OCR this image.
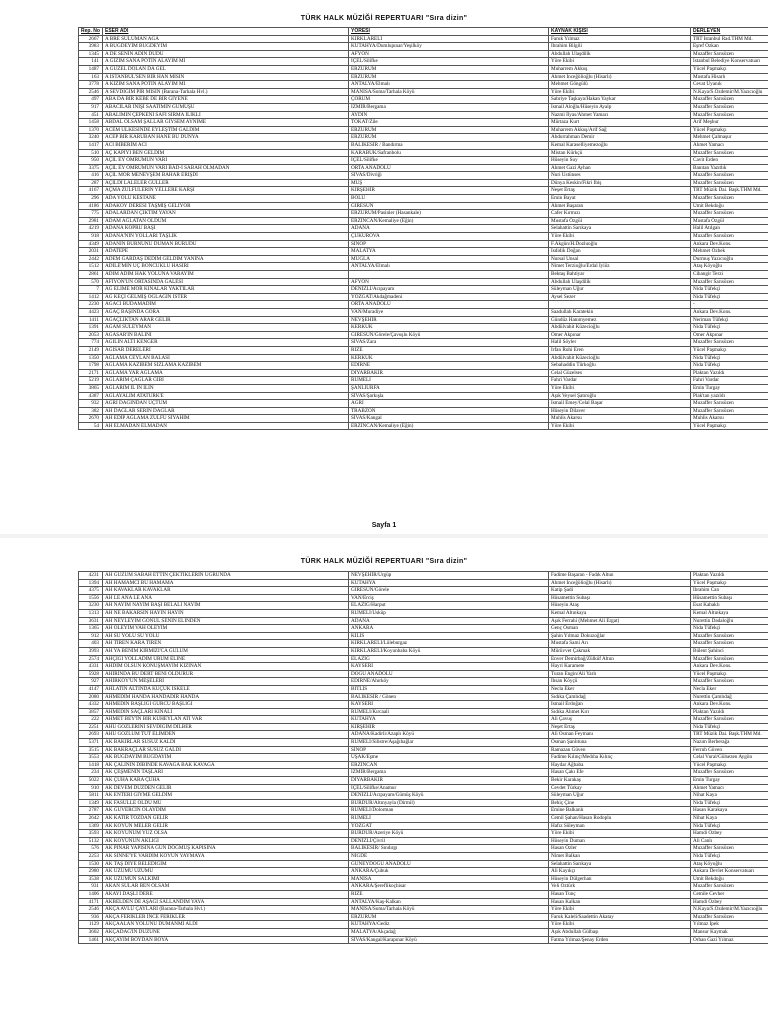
TÜRK HALK MÜZİĞİ REPERTUARI "Sıra dizin"
Rep. No	ESER ADI	YÖRESİ	KAYNAK KİŞİSİ	DERLEYEN
2667	A BRE SÜLÜMAN AĞA	KIRKLARELİ	Faruk Yılmaz	TRT İstanbul Rad.THM Md.
3983	A BUĞDEYİM BUĞDEYİM	KÜTAHYA/Dumlupınar/Yeşilköy	İbrahim Bilgili	Eşref Özkan
1345	A DE SENİN ADIN DUDU	AFYON	Abdullah Ulaşdilik	Muzaffer Sarısözen
141	A GIZIM SANA POTİN ALAYIM MI	İÇEL/Silifke	Yöre Ekibi	İstanbul Belediye Konservatuarı
1487	A GÜZEL DOLAN DA GEL	ERZURUM	Muharrem Akkuş	Yücel Paşmakçı
163	A İSTANBUL'SEN BİR HAN MISIN	ERZURUM	Ahmet İnceğölioğlu (Hisarlı)	Mustafa Hisarlı
3778	A KIZIM SANA POTİN ALAYIM MI	ANTALYA/Elmalı	Mehmet Göngülü	Cevat Uyanık
2546	A SEVDİĞİM PİR MISIN (Barana-Tarhala Hvl.)	MANİSA/Soma/Tarhala Köyü	Yöre Ekibi	N.Kaya/S.Özdemir/M.Yazıcıoğlu
497	ABA DA BİR KEBE DE BİR GİYENE	ÇORUM	Sabriye Taşkaya/Hakan Yaykar	Muzaffer Sarısözen
917	ABACILAR İNİŞİ SAATİMİN GÜMÜŞÜ	İZMİR/Bergama	İsmail Aloğlu/Hüseyin Ayalp	Muzaffer Sarısözen
451	ABALIMIN ÇEPKENİ SAFİ SIRMA İLİKLİ	AYDIN	Nazmi İlyas/Ahmet Yamacı	Muzaffer Sarısözen
1458	ABDAL OLSAM ŞALLAR GİYSEM AYNIME	TOKAT/Zile	Mürtaza Kurt	Arif Meşhur
1370	ACEM ÜLKESİNDE EYLEŞTİM GALDIM	ERZURUM	Muharrem Akkuş/Arif Sağ	Yücel Paşmakçı
3240	ACEP BİR KARUBAN HANE BU DÜNYA	ERZURUM	Abdurrahman Demir	Mehmet Çalmaşur
1417	ACI BİBERİM ACI	BALIKESİR / Bandırma	Kemal Karaselliyemezoğlu	Ahmet Yamacı
510	AÇ KAPIYI BEN GELDİM	KARABÜK/Safranbolu	Mistan Kürkçü	Muzaffer Sarısözen
950	AÇIL EY ÖMRÜMÜN VARI	İÇEL/Silifke	Hüseyin Suy	Cavit Erden
3375	AÇIL EY ÖMRÜMÜN VARI BAD-I SABAH OLMADAN	ORTA ANADOLU	Ahmet Gazi Ayhan	Banıtan Yazıtlık
416	AÇIL MOR MENEVŞEM BAHAR ERİŞDİ	SİVAS/Divriği	Nuri Üstünses	Muzaffer Sarısözen
287	AÇILDI LALELER GÜLLER	MUŞ	Dünya Keskin/Fikri İbiş	Muzaffer Sarısözen
4167	AÇMA ZÜLFÜLERİN YELLERE KARŞI	KIRŞEHİR	Neşet Ertaş	TRT Müzik Dai. Başk.THM Md.
296	ADA YOLU KESTANE	BOLU	Emin Bayat	Muzaffer Sarısözen
4186	ADAKOY DERESİ TAŞMIŞ GELİYOR	GİRESUN	Ahmet Başaran	Ümit Bekdoğu
775	ADALARDAN ÇIKTIM YAYAN	ERZURUM/Pasinler (Hasankale)	Cafer Kırmızı	Muzaffer Sarısözen
2981	ADAM AĞLATAN OLDUM	ERZİNCAN/Kemaliye (Eğin)	Mustafa Özgül	Mustafa Özgül
4219	ADANA KÖPRÜ BAŞI	ADANA	Selahattin Sarıkaya	Halil Atılgan
918	ADANA'NIN YOLLARI TAŞLIK	ÇUKUROVA	Yöre Ekibi	Muzaffer Sarısözen
4349	ADANIN BURNUNU DUMAN BÜRÜDÜ	SİNOP	F.Akgün/H.Dozluoğlu	Ankara Dev.Kons.
2031	ADATEPE	MALATYA	İsdidik Doğan	Mehmet Özbek
2442	ADEM GARDAŞ DEDİM GELDİM YANINA	MUĞLA	Nursal Ünsal	Durmuş Yazıcıoğlu
1512	ADİLE'MİN ÜÇ BONCUKLU HASIRI	ANTALYA/Elmalı	Nimet Terzioğlu/Erdal İyiöz	Ataş Köyoğlu
2861	ADIM ADIM HAK YOLUNA VARAYIM		Bektaş Bahtiyar	Cihangir Terzi
570	AFİYON'UN ORTASINDA GALESİ	AFYON	Abdullah Ulaşdilik	Muzaffer Sarısözen
7	AĞ ELİME MOR KINALAR YAKTILAR	DENİZLİ/Acıpayam	Süleyman Uğur	Nida Tüfekçi
1412	AĞ KEÇİ GELMİŞ OĞLAĞIN İSTER	YOZGAT/Akdağmadeni	Aysel Sezer	Nida Tüfekçi
2230	AĞACI BUDAMADIM	ORTA ANADOLU		-
4423	AĞAÇ BAŞINDA GORA	VAN/Muradiye	Saadullah Karatekin	Ankara Dev.Kons.
1411	AĞAÇLIKTAN ARAR GELİR	NEVŞEHİR	Gündüz Hanımyemez	Neriman Tüfekçi
1391	AĞAM SÜLEYMAN	KERKÜK	Abdülvahit Küzecioğlu	Nida Tüfekçi
2053	AĞASAR'IN BALINI	GİRESUN/Görele/Çavuşlu Köyü	Ömer Akpınar	Ömer Akpınar
774	AĞILIN ALTI KENGER	SİVAS/Zara	Halil Söyler	Muzaffer Sarısözen
2149	AĞISAR DERELERİ	RİZE	İrfan Ruhi Eren	Yücel Paşmakçı
1350	AĞLAMA CEYLAN BALASI	KERKÜK	Abdülvahit Küzecioğlu	Nida Tüfekçi
1798	AĞLAMA KAZİBEM SIZLAMA KAZİBEM	EDİRNE	Sebahaddin Türkoğlu	Nida Tüfekçi
2171	AĞLAMA YAR AĞLAMA	DİYARBAKIR	Celal Güzelses	Plaktan Yazıldı
5219	AĞLARIM ÇAĞLAR GİBİ	RUMELİ	Fahri Vardar	Fahri Vardar
3865	AĞLARIM İL İN İLİN	ŞANLIURFA	Yöre Ekibi	Emin Turgay
4387	AĞLAYALIM ATATÜRK'E	SİVAS/Şarkışla	Aşık Veysel Şatıroğlu	Plak'tan yazıldı
932	AĞRI DAĞINDAN UÇTUM	AĞRI	İsmail Emey/Celal Başar	Muzaffer Sarısözen
382	AH DAĞLAR SERİN DAĞLAR	TRABZON	Hüseyin Dilaver	Muzaffer Sarısözen
2670	AH EDİP AĞLAMA ZÜLFÜ SİYAHIM	SİVAS/Kangal	Muhlis Akarsu	Muhlis Akarsu
54	AH ELMADAN ELMADAN	ERZİNCAN/Kemaliye (Eğin)	Yöre Ekibi	Yücel Paşmakçı
Sayfa 1
TÜRK HALK MÜZİĞİ REPERTUARI "Sıra dizin"
4231	AH GÜZÜM SABAH ETTİN ÇEKTİKLERİN UĞRUNDA	NEVŞEHİR/Ürgüp	Fadime Başaran - Fadık Altun	Plaktan Yazıldı
1394	AH HAMAMCI BU HAMAMA	KÜTAHYA	Ahmet İnceğölioğlu (Hisarlı)	Yücel Paşmakçı
4375	AH KAVAKLAR KAVAKLAR	GİRESUN/Görele	Katip Şadi	İbrahim Can
1556	AH LE ANA LE ANA	VAN/Erciş	Hüsamettin Subaşı	Hüsamettin Subaşı
3230	AH NAYİM NAYİM BAŞI BELALI NAYİM	ELAZIĞ/Harput	Hüseyin Ataş	Esat Kabaklı
1313	AH NE BAKARSIN HAYIN HAYIN	RUMELİ/Üsküp	Kemal Altınkaya	Kemal Altınkaya
3631	AH NEYLEYİM GÖNÜL SENİN ELİNDEN	ADANA	Aşık Ferrahi (Mehmet Ali Ergat)	Nurettin Dadaloğlu
1365	AH OLEYİM VAH OLEYİM	ANKARA	Genç Osman	Nida Tüfekçi
912	AH SU YOLU SU YOLU	KİLİS	Şahin Yılmaz Dokuzoğlar	Muzaffer Sarısözen
403	AH TİREN KARA TİREN	KIRKLARELİ/Lüleburgaz	Mustafa Sami Arı	Muzaffer Sarısözen
3993	AH YA BENİM KIRMIZI'CA GÜLÜM	KIRKLARELİ/Koyunbaba Köyü	Mürüvvet Çakmak	Bülent Şahinci
2574	AHÇIĞI YOLLADIM URUM ELİNE	ELAZIĞ	Enver Demirbağ/Zülküf Altun	Muzaffer Sarısözen
4331	AHDİM OLSUN KONUŞMAYIM KIZINAN	KAYSERİ	Hayri Karamete	Ankara Dev.Kons.
5928	AHİRİNDA BU DERT BENİ ÖLDÜRÜR	DOĞU ANADOLU	Turan Engin/Ali Yarlı	Yücel Paşmakçı
927	AHIRKÖY'ÜN MEŞELERİ	EDİRNE/Ahırköy	İhsan Köyçü	Muzaffer Sarısözen
4147	AHLATIN ALTINDA KÜÇÜK İSKELE	BİTLİS	Necla Eker	Necla Eker
2080	AHMEDİM HANDA HANDADIR HANDA	BALIKESİR / Gönen	Sıdıka Çamlıdağ	Nurettin Çamlıdağ
4332	AHMEDİN BAŞLIĞI GÜRCÜ BAŞLIĞI	KAYSERİ	İsmail Erdoğan	Ankara Dev.Kons.
3857	AHMEDİN SAÇLARI KINALI	RUMELİ/Kırcaali	Sıdıka Ahmet Kırı	Plaktan Yazıldı
222	AHMET BEY'İN BİR KÜHEYLAN ATI VAR	KÜTAHYA	Ali Çavuş	Muzaffer Sarısözen
2251	AHU GÖZLERİNİ SEVDİĞİM DİLBER	KIRŞEHİR	Neşet Ertaş	Nida Tüfekçi
2693	AHU GÖZLÜM TUT ELİMDEN	ADANA/Kadirli/Azaplı Köyü	Ali Osman Feymanı	TRT Müzik Dai. Başk.THM Md.
5371	AK BAKIRLAR SUSUZ KALDI	RUMELİ/Silistre/Aşağıbağlar	Osman Şanlıtuna	Nazım Berberağa
3515	AK BAKRAÇLAR SUSUZ GALDI	SİNOP	Ramazan Güven	Ferruh Güven
3553	AK BUĞDAYIM BUĞDAYIM	UŞAK/Eşme	Fadime Kılınç/Medıha Kılınç	Celal Vural/Gülsezen Aygün
1418	AK ÇALININ DİBİNDE KAVAĞA BAK KAVAĞA	ERZİNCAN	Haydar Ağbaba	Yücel Paşmakçı
234	AK ÇEŞMENİN TAŞLARI	İZMİR/Bergama	Hasan Çakı Efe	Muzaffer Sarısözen
5022	AK ÇUHA KARA ÇUHA	DİYARBAKIR	Bekir Karakaş	Emin Turgay
910	AK DEVEM DÜZDEN GELİR	İÇEL/Silifke/Anamur	Cevdet Türkay	Ahmet Yamacı
5811	AK ENTERİ GİYME GELDİM	DENİZLİ/Acıpayam/Gümüş Köyü	Süleyman Uğur	Nihat Kaya
1349	AK FASÜLLE OLDU MU	BURDUR/Altınyayla (Dirmil)	Behiç Çine	Nida Tüfekçi
2787	AK GÜVERCİN OLAYDIM	RUMELİ/Dolorman	Emine Balkanlı	Hasan Karakaya
2642	AK KATIR TOZDAN GELİR	RUMELİ	Cemil Şahan/Hasan Rodoplu	Nihat Kaya
1369	AK KOYUN MELER GELİR	YOZGAT	Hafız Süleyman	Nida Tüfekçi
3593	AK KOYUNUM YÜZ OLSA	BURDUR/Azeriye Köyü	Yöre Ekibi	Hamdi Özbey
5132	AK KOYUNUN AKLIĞI	DENİZLİ/Çivril	Hüseyin Duman	Ali Canlı
576	AK PINAR YAPISINA GÜN DOĞMUŞ KAPISINA	BALIKESİR/ Sındırgı	Hasan Özler	Muzaffer Sarısözen
2253	AK SİNNE'YE VARDIM KOYUN YAYMAYA	NİĞDE	Nimet Balkan	Nida Tüfekçi
1530	AK TAŞ DİYE BELEDİĞİM	GÜNEYDOĞU ANADOLU	Selahattin Sarıkaya	Ataş Köyoğlu
2980	AK ÜZÜMÜ ÜZÜMÜ	ANKARA/Çubuk	Ali Kayıkçı	Ankara Devlet Konservatuarı
3538	AK ÜZÜMÜN SALKIMI	MANİSA	Hüseyin Dülgerhan	Ümit Bekdoğu
931	AKAN SULAR BEN OLSAM	ANKARA/Şereflikoçhisar	Veli Öztürk	Muzaffer Sarısözen
1406	AKAYI DAŞLI DERE	RİZE	Hasan Tunç	Cemile Cevher
4171	AKBELDEN DE AŞAĞI SALLANDIM YAYA	ANTALYA/Kaş-Kalkan	Hasan Kalkan	Hamdi Özbey
2546	AKÇA AVLU ÇAYLARI (Barana-Tarhala Hvl.)	MANİSA/Soma/Tarhala Köyü	Yöre Ekibi	N.Kaya/S.Özdemir/M.Yazıcıoğlu
936	AKÇA FERİKLER İNCE FERİKLER	ERZURUM	Faruk Kaleli/Saadettin Akatay	Muzaffer Sarısözen
1129	AKÇAALAN YOLUNU DUMANMI ALDI	KÜTAHYA/Gediz	Yöre Ekibi	Yılmaz İpek
3602	AKÇADAĞ'IN DÜZÜNE	MALATYA/Akçadağ	Aşık Abdullah Gülbaşı	Mansur Kaymak
1461	AKÇAYIM BOYDAN BOYA	SİVAS/Kangal/Karapınar Köyü	Fatma Yılmaz/Şenay Erden	Orhan Gazi Yılmaz
